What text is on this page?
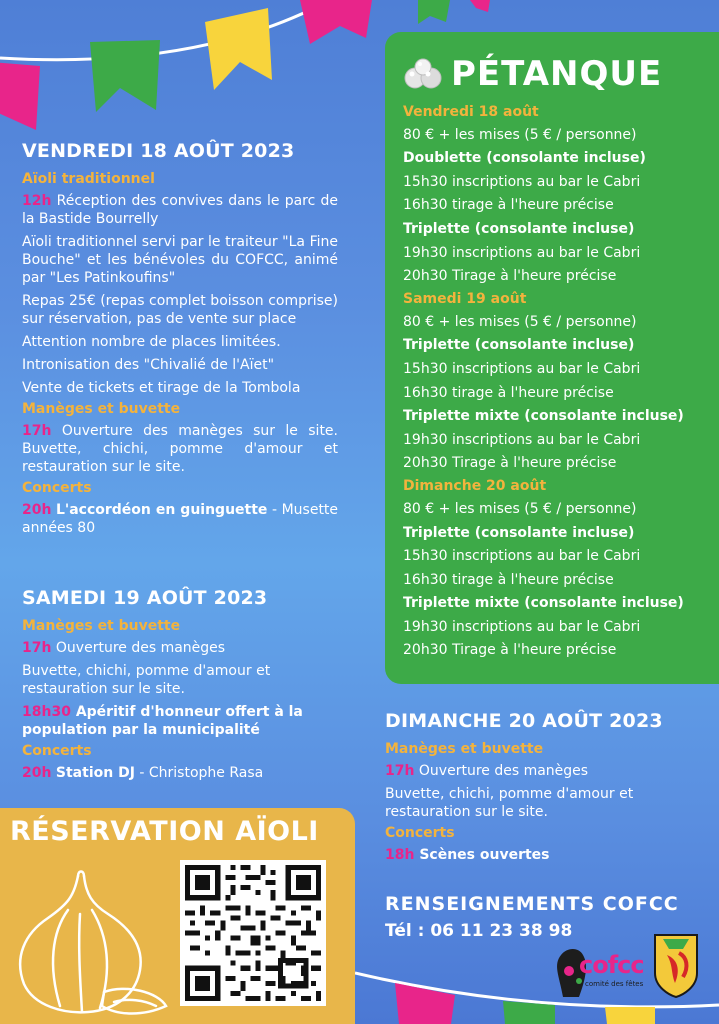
VENDREDI 18 AOÛT 2023
Aïoli traditionnel
12h Réception des convives dans le parc de la Bastide Bourrelly
Aïoli traditionnel servi par le traiteur "La Fine Bouche" et les bénévoles du COFCC, animé par "Les Patinkoufins"
Repas 25€ (repas complet boisson comprise) sur réservation, pas de vente sur place
Attention nombre de places limitées.
Intronisation des "Chivalié de l'Aïet"
Vente de tickets et tirage de la Tombola
Manèges et buvette
17h Ouverture des manèges sur le site. Buvette, chichi, pomme d'amour et restauration sur le site.
Concerts
20h L'accordéon en guinguette - Musette années 80
SAMEDI 19 AOÛT 2023
Manèges et buvette
17h Ouverture des manèges
Buvette, chichi, pomme d'amour et restauration sur le site.
18h30 Apéritif d'honneur offert à la population par la municipalité
Concerts
20h Station DJ - Christophe Rasa
PÉTANQUE
Vendredi 18 août
80 € + les mises (5 € / personne)
Doublette (consolante incluse)
15h30 inscriptions au bar le Cabri
16h30 tirage à l'heure précise
Triplette (consolante incluse)
19h30 inscriptions au bar le Cabri
20h30 Tirage à l'heure précise
Samedi 19 août
80 € + les mises (5 € / personne)
Triplette (consolante incluse)
15h30 inscriptions au bar le Cabri
16h30 tirage à l'heure précise
Triplette mixte (consolante incluse)
19h30 inscriptions au bar le Cabri
20h30 Tirage à l'heure précise
Dimanche 20 août
80 € + les mises (5 € / personne)
Triplette (consolante incluse)
15h30 inscriptions au bar le Cabri
16h30 tirage à l'heure précise
Triplette mixte (consolante incluse)
19h30 inscriptions au bar le Cabri
20h30 Tirage à l'heure précise
DIMANCHE 20 AOÛT 2023
Manèges et buvette
17h Ouverture des manèges
Buvette, chichi, pomme d'amour et restauration sur le site.
Concerts
18h Scènes ouvertes
RENSEIGNEMENTS COFCC
Tél : 06 11 23 38 98
cofcc
comité des fêtes
RÉSERVATION AÏOLI
